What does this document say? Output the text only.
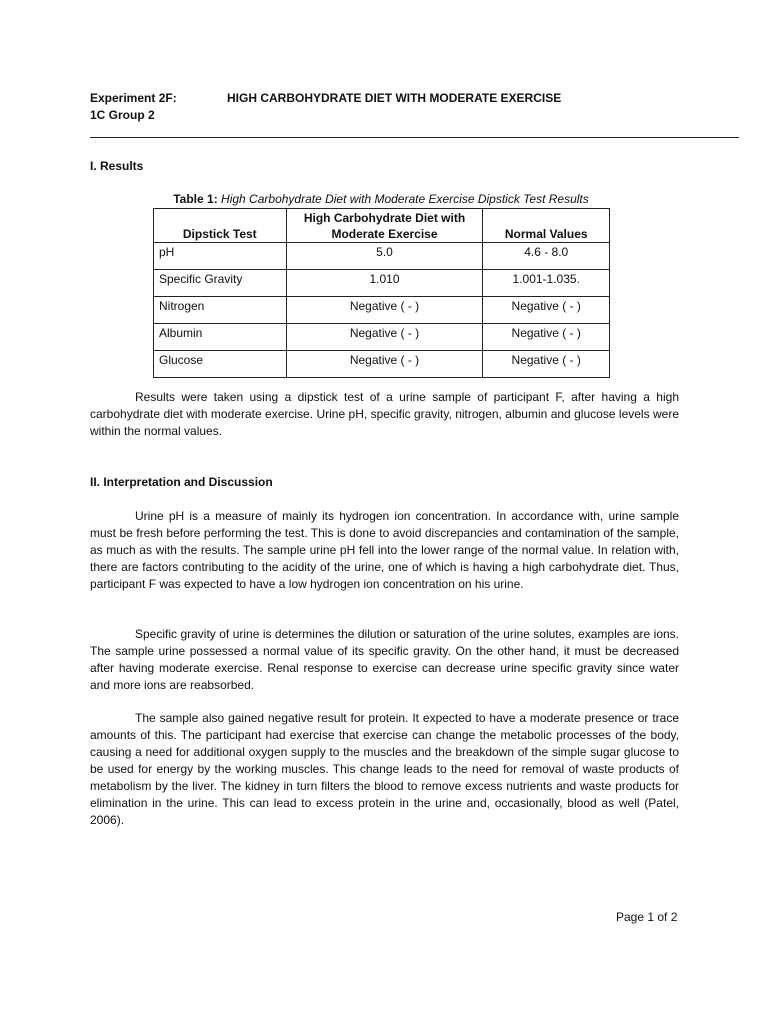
Experiment 2F:	HIGH CARBOHYDRATE DIET WITH MODERATE EXERCISE
1C Group 2
I. Results
Table 1: High Carbohydrate Diet with Moderate Exercise Dipstick Test Results
Dipstick Test	High Carbohydrate Diet with Moderate Exercise	Normal Values
pH	5.0	4.6 - 8.0
Specific Gravity	1.010	1.001-1.035.
Nitrogen	Negative ( - )	Negative ( - )
Albumin	Negative ( - )	Negative ( - )
Glucose	Negative ( - )	Negative ( - )

Results were taken using a dipstick test of a urine sample of participant F, after having a high carbohydrate diet with moderate exercise. Urine pH, specific gravity, nitrogen, albumin and glucose levels were within the normal values.

II. Interpretation and Discussion

Urine pH is a measure of mainly its hydrogen ion concentration. In accordance with, urine sample must be fresh before performing the test. This is done to avoid discrepancies and contamination of the sample, as much as with the results. The sample urine pH fell into the lower range of the normal value. In relation with, there are factors contributing to the acidity of the urine, one of which is having a high carbohydrate diet. Thus, participant F was expected to have a low hydrogen ion concentration on his urine.

Specific gravity of urine is determines the dilution or saturation of the urine solutes, examples are ions. The sample urine possessed a normal value of its specific gravity. On the other hand, it must be decreased after having moderate exercise. Renal response to exercise can decrease urine specific gravity since water and more ions are reabsorbed.

The sample also gained negative result for protein. It expected to have a moderate presence or trace amounts of this. The participant had exercise that exercise can change the metabolic processes of the body, causing a need for additional oxygen supply to the muscles and the breakdown of the simple sugar glucose to be used for energy by the working muscles. This change leads to the need for removal of waste products of metabolism by the liver. The kidney in turn filters the blood to remove excess nutrients and waste products for elimination in the urine. This can lead to excess protein in the urine and, occasionally, blood as well (Patel, 2006).

Page 1 of 2
